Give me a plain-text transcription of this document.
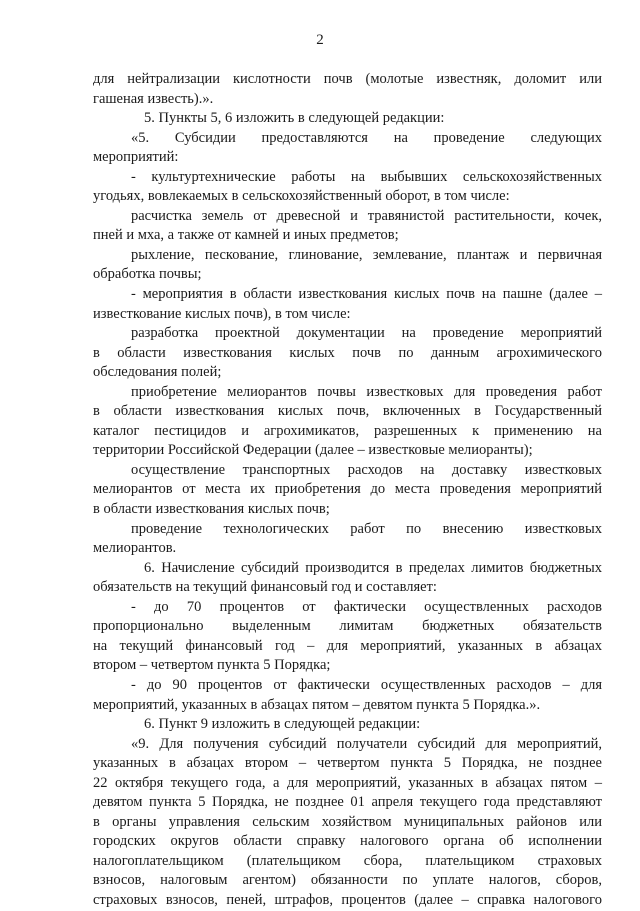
2
для нейтрализации кислотности почв (молотые известняк, доломит или
гашеная известь).».
5. Пункты 5, 6 изложить в следующей редакции:
«5. Субсидии предоставляются на проведение следующих
мероприятий:
- культуртехнические работы на выбывших сельскохозяйственных
угодьях, вовлекаемых в сельскохозяйственный оборот, в том числе:
расчистка земель от древесной и травянистой растительности, кочек,
пней и мха, а также от камней и иных предметов;
рыхление, пескование, глинование, землевание, плантаж и первичная
обработка почвы;
- мероприятия в области известкования кислых почв на пашне (далее –
известкование кислых почв), в том числе:
разработка проектной документации на проведение мероприятий
в области известкования кислых почв по данным агрохимического
обследования полей;
приобретение мелиорантов почвы известковых для проведения работ
в области известкования кислых почв, включенных в Государственный
каталог пестицидов и агрохимикатов, разрешенных к применению на
территории Российской Федерации (далее – известковые мелиоранты);
осуществление транспортных расходов на доставку известковых
мелиорантов от места их приобретения до места проведения мероприятий
в области известкования кислых почв;
проведение технологических работ по внесению известковых
мелиорантов.
6. Начисление субсидий производится в пределах лимитов бюджетных
обязательств на текущий финансовый год и составляет:
- до 70 процентов от фактически осуществленных расходов
пропорционально выделенным лимитам бюджетных обязательств
на текущий финансовый год – для мероприятий, указанных в абзацах
втором – четвертом пункта 5 Порядка;
- до 90 процентов от фактически осуществленных расходов – для
мероприятий, указанных в абзацах пятом – девятом пункта 5 Порядка.».
6. Пункт 9 изложить в следующей редакции:
«9. Для получения субсидий получатели субсидий для мероприятий,
указанных в абзацах втором – четвертом пункта 5 Порядка, не позднее
22 октября текущего года, а для мероприятий, указанных в абзацах пятом –
девятом пункта 5 Порядка, не позднее 01 апреля текущего года представляют
в органы управления сельским хозяйством муниципальных районов или
городских округов области справку налогового органа об исполнении
налогоплательщиком (плательщиком сбора, плательщиком страховых
взносов, налоговым агентом) обязанности по уплате налогов, сборов,
страховых взносов, пеней, штрафов, процентов (далее – справка налогового
